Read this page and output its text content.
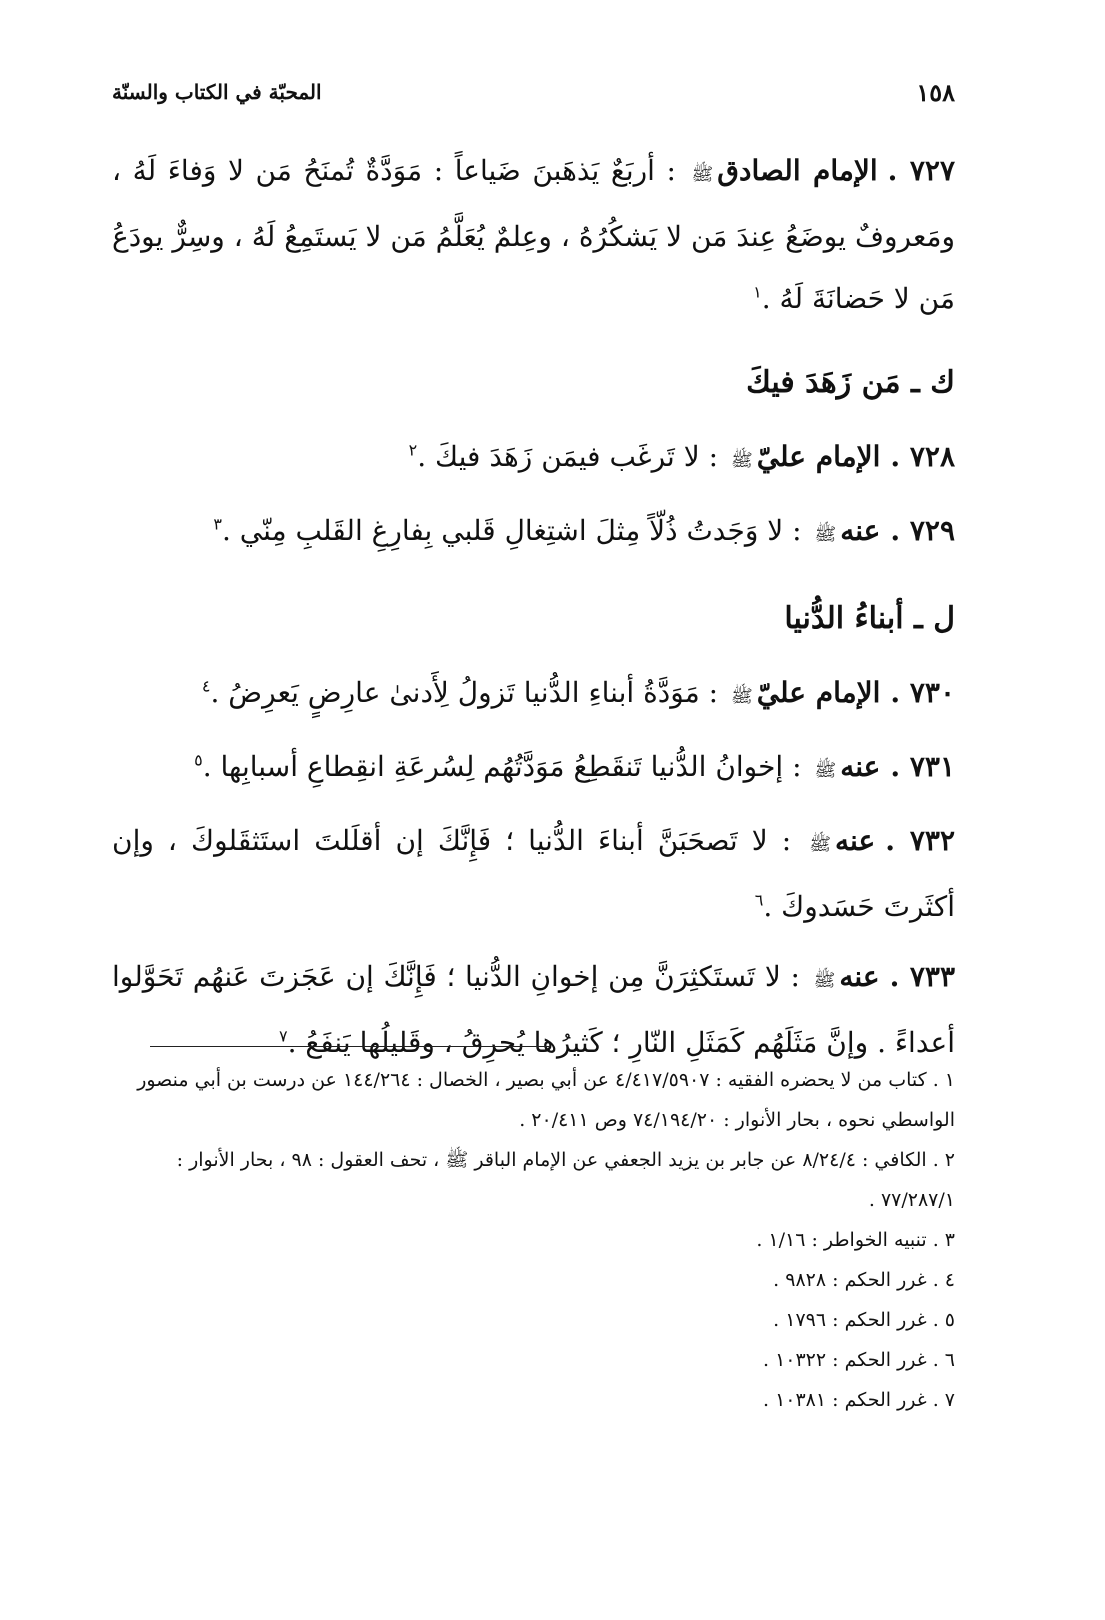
١٥٨
المحبّة في الكتاب والسنّة

٧٢٧ .الإمام الصادقﷺ : أربَعٌ يَذهَبنَ ضَياعاً : مَوَدَّةٌ تُمنَحُ مَن لا وَفاءَ لَهُ ، ومَعروفٌ يوضَعُ عِندَ مَن لا يَشكُرُهُ ، وعِلمٌ يُعَلَّمُ مَن لا يَستَمِعُ لَهُ ، وسِرٌّ يودَعُ مَن لا حَضانَةَ لَهُ .$^١$

ك ـ مَن زَهَدَ فيكَ

٧٢٨ .الإمام عليّﷺ : لا تَرغَب فيمَن زَهَدَ فيكَ .$^٢$

٧٢٩ .عنهﷺ : لا وَجَدتُ ذُلّاً مِثلَ اشتِغالِ قَلبي بِفارِغِ القَلبِ مِنّي .$^٣$

ل ـ أبناءُ الدُّنيا

٧٣٠ .الإمام عليّﷺ : مَوَدَّةُ أبناءِ الدُّنيا تَزولُ لِأَدنىٰ عارِضٍ يَعرِضُ .$^٤$

٧٣١ .عنهﷺ : إخوانُ الدُّنيا تَنقَطِعُ مَوَدَّتُهُم لِسُرعَةِ انقِطاعِ أسبابِها .$^٥$

٧٣٢ .عنهﷺ : لا تَصحَبَنَّ أبناءَ الدُّنيا ؛ فَإِنَّكَ إن أقلَلتَ استَثقَلوكَ ، وإن أكثَرتَ حَسَدوكَ .$^٦$

٧٣٣ .عنهﷺ : لا تَستَكثِرَنَّ مِن إخوانِ الدُّنيا ؛ فَإِنَّكَ إن عَجَزتَ عَنهُم تَحَوَّلوا أعداءً . وإنَّ مَثَلَهُم كَمَثَلِ النّارِ ؛ كَثيرُها يُحرِقُ ، وقَليلُها يَنفَعُ .$^٧$

١ .كتاب من لا يحضره الفقيه : ٤/٤١٧/٥٩٠٧ عن أبي بصير ، الخصال : ١٤٤/٢٦٤ عن درست بن أبي منصور الواسطي نحوه ، بحار الأنوار : ٧٤/١٩٤/٢٠ وص ٢٠/٤١١ .

٢ .الكافي : ٨/٢٤/٤ عن جابر بن يزيد الجعفي عن الإمام الباقر ﷺ ، تحف العقول : ٩٨ ، بحار الأنوار : ٧٧/٢٨٧/١ .

٣ .تنبيه الخواطر : ١/١٦ .

٤ .غرر الحكم : ٩٨٢٨ .

٥ .غرر الحكم : ١٧٩٦ .

٦ .غرر الحكم : ١٠٣٢٢ .

٧ .غرر الحكم : ١٠٣٨١ .
